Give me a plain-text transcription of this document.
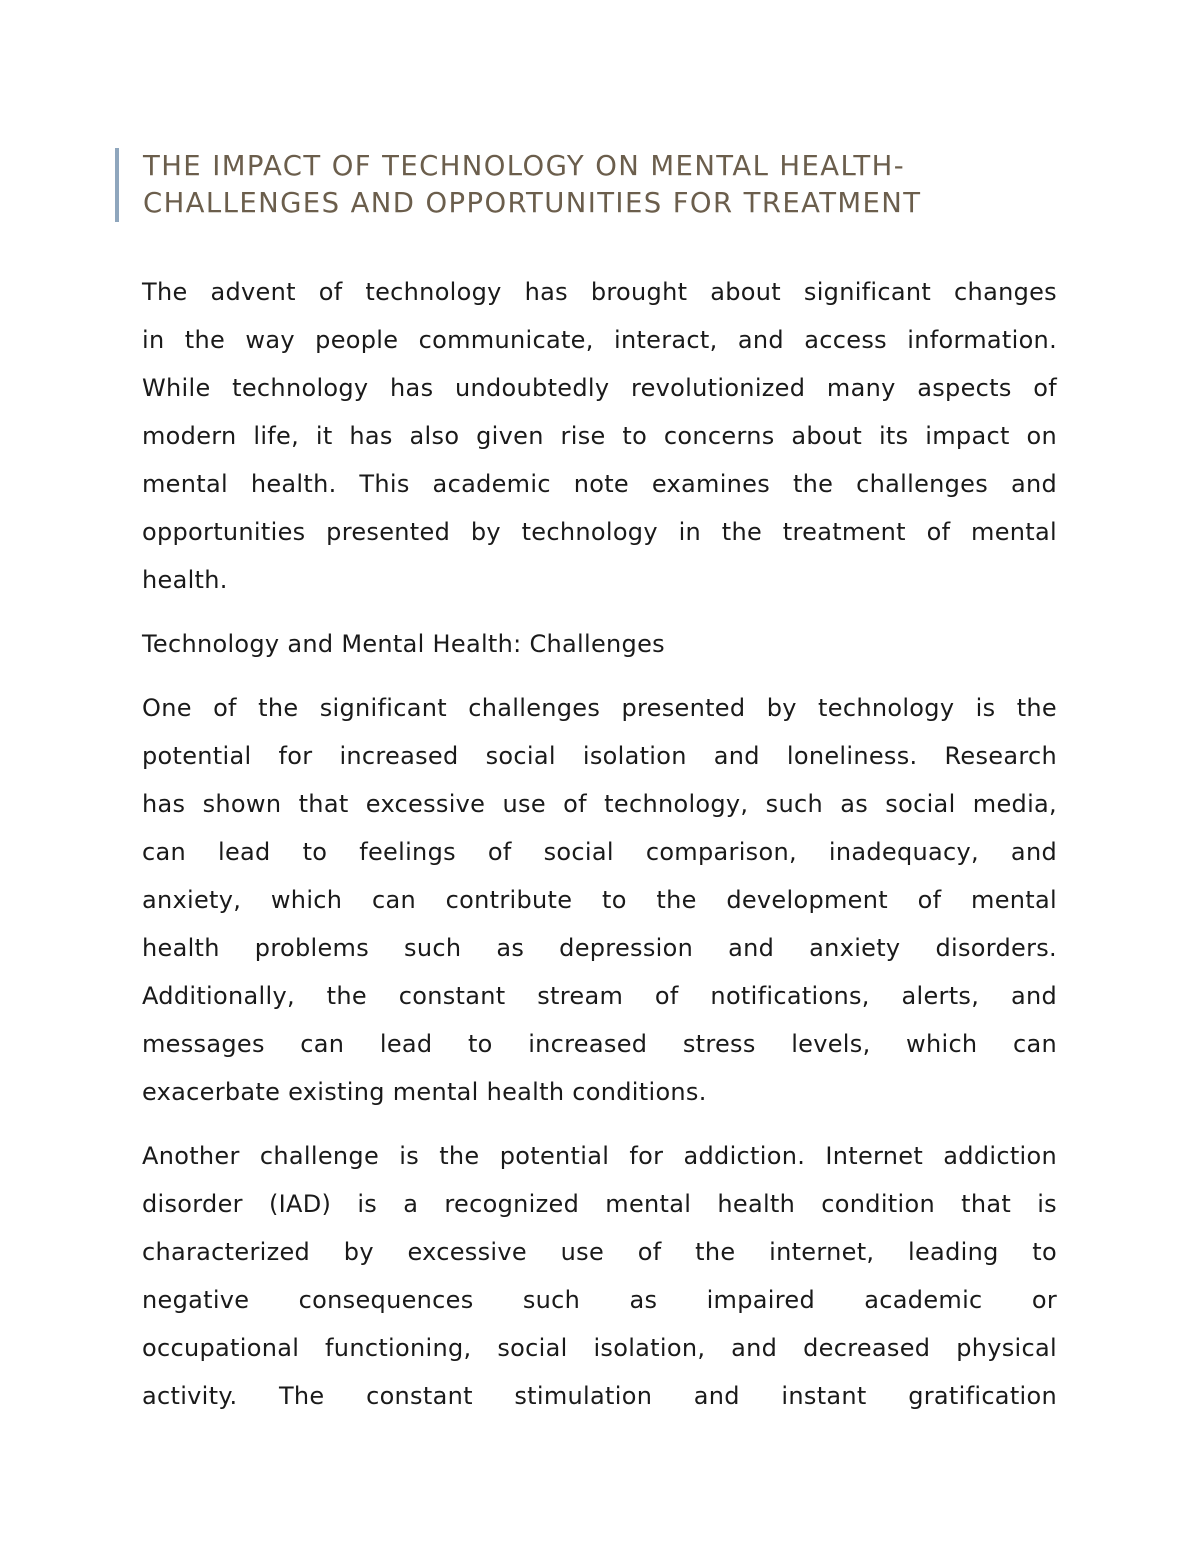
THE IMPACT OF TECHNOLOGY ON MENTAL HEALTH-

CHALLENGES AND OPPORTUNITIES FOR TREATMENT

The advent of technology has brought about significant changes
in the way people communicate, interact, and access information.
While technology has undoubtedly revolutionized many aspects of
modern life, it has also given rise to concerns about its impact on
mental health. This academic note examines the challenges and
opportunities presented by technology in the treatment of mental
health.

Technology and Mental Health: Challenges

One of the significant challenges presented by technology is the
potential for increased social isolation and loneliness. Research
has shown that excessive use of technology, such as social media,
can lead to feelings of social comparison, inadequacy, and
anxiety, which can contribute to the development of mental
health problems such as depression and anxiety disorders.
Additionally, the constant stream of notifications, alerts, and
messages can lead to increased stress levels, which can
exacerbate existing mental health conditions.

Another challenge is the potential for addiction. Internet addiction
disorder (IAD) is a recognized mental health condition that is
characterized by excessive use of the internet, leading to
negative consequences such as impaired academic or
occupational functioning, social isolation, and decreased physical
activity. The constant stimulation and instant gratification
